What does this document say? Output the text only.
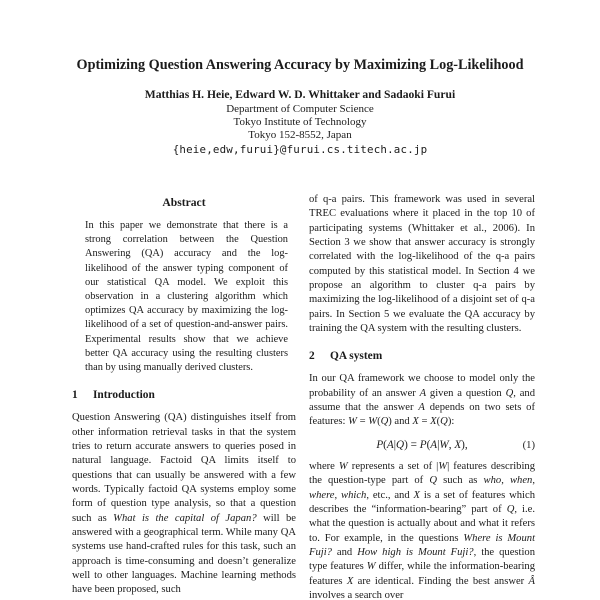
Optimizing Question Answering Accuracy by Maximizing Log-Likelihood
Matthias H. Heie, Edward W. D. Whittaker and Sadaoki Furui
Department of Computer Science
Tokyo Institute of Technology
Tokyo 152-8552, Japan
{heie,edw,furui}@furui.cs.titech.ac.jp
Abstract

In this paper we demonstrate that there is a strong correlation between the Question Answering (QA) accuracy and the log-likelihood of the answer typing component of our statistical QA model. We exploit this observation in a clustering algorithm which optimizes QA accuracy by maximizing the log-likelihood of a set of question-and-answer pairs. Experimental results show that we achieve better QA accuracy using the resulting clusters than by using manually derived clusters.

1 Introduction

Question Answering (QA) distinguishes itself from other information retrieval tasks in that the system tries to return accurate answers to queries posed in natural language. Factoid QA limits itself to questions that can usually be answered with a few words. Typically factoid QA systems employ some form of question type analysis, so that a question such as What is the capital of Japan? will be answered with a geographical term. While many QA systems use hand-crafted rules for this task, such an approach is time-consuming and doesn’t generalize well to other languages. Machine learning methods have been proposed, such

of q-a pairs. This framework was used in several TREC evaluations where it placed in the top 10 of participating systems (Whittaker et al., 2006). In Section 3 we show that answer accuracy is strongly correlated with the log-likelihood of the q-a pairs computed by this statistical model. In Section 4 we propose an algorithm to cluster q-a pairs by maximizing the log-likelihood of a disjoint set of q-a pairs. In Section 5 we evaluate the QA accuracy by training the QA system with the resulting clusters.

2 QA system

In our QA framework we choose to model only the probability of an answer A given a question Q, and assume that the answer A depends on two sets of features: W = W(Q) and X = X(Q):

P(A|Q) = P(A|W, X),	(1)

where W represents a set of |W| features describing the question-type part of Q such as who, when, where, which, etc., and X is a set of features which describes the “information-bearing” part of Q, i.e. what the question is actually about and what it refers to. For example, in the questions Where is Mount Fuji? and How high is Mount Fuji?, the question type features W differ, while the information-bearing features X are identical. Finding the best answer Â involves a search over
